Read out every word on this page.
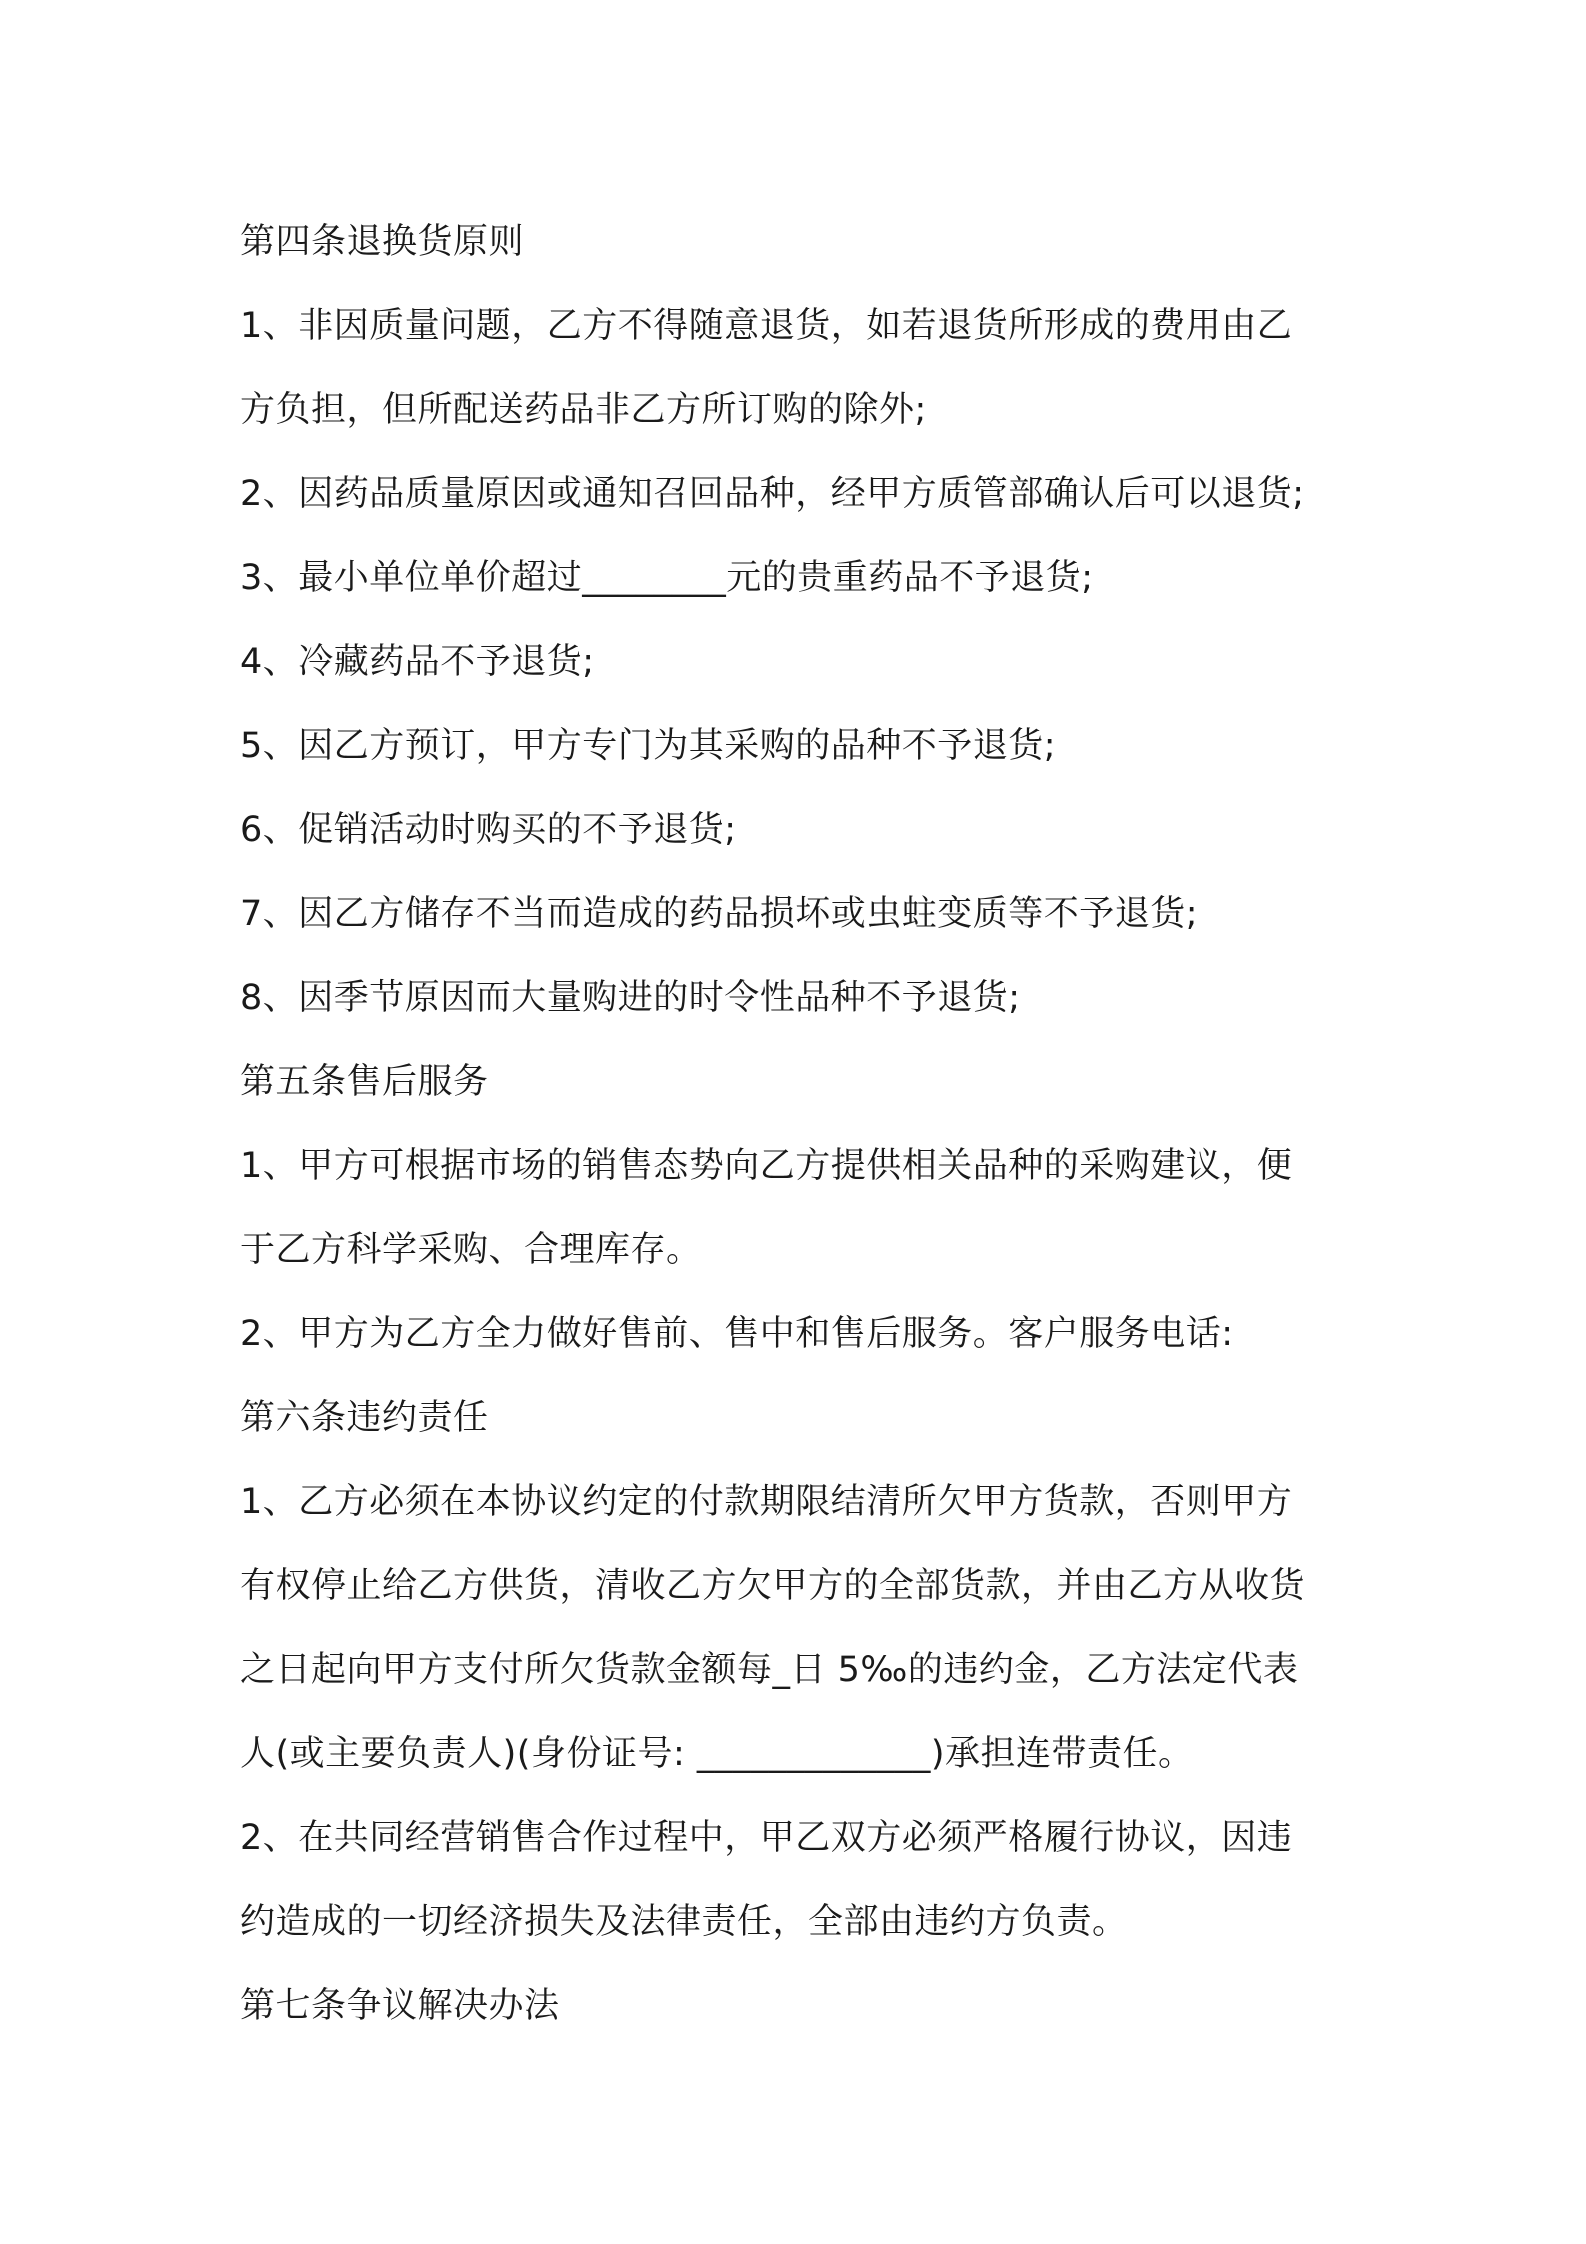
第四条退换货原则

1、非因质量问题，乙方不得随意退货，如若退货所形成的费用由乙

方负担，但所配送药品非乙方所订购的除外;

2、因药品质量原因或通知召回品种，经甲方质管部确认后可以退货;

3、最小单位单价超过________元的贵重药品不予退货;

4、冷藏药品不予退货;

5、因乙方预订，甲方专门为其采购的品种不予退货;

6、促销活动时购买的不予退货;

7、因乙方储存不当而造成的药品损坏或虫蛀变质等不予退货;

8、因季节原因而大量购进的时令性品种不予退货;

第五条售后服务

1、甲方可根据市场的销售态势向乙方提供相关品种的采购建议，便

于乙方科学采购、合理库存。

2、甲方为乙方全力做好售前、售中和售后服务。客户服务电话:

第六条违约责任

1、乙方必须在本协议约定的付款期限结清所欠甲方货款，否则甲方

有权停止给乙方供货，清收乙方欠甲方的全部货款，并由乙方从收货

之日起向甲方支付所欠货款金额每_日 5‰的违约金，乙方法定代表

人(或主要负责人)(身份证号: _____________)承担连带责任。

2、在共同经营销售合作过程中，甲乙双方必须严格履行协议，因违

约造成的一切经济损失及法律责任，全部由违约方负责。

第七条争议解决办法
